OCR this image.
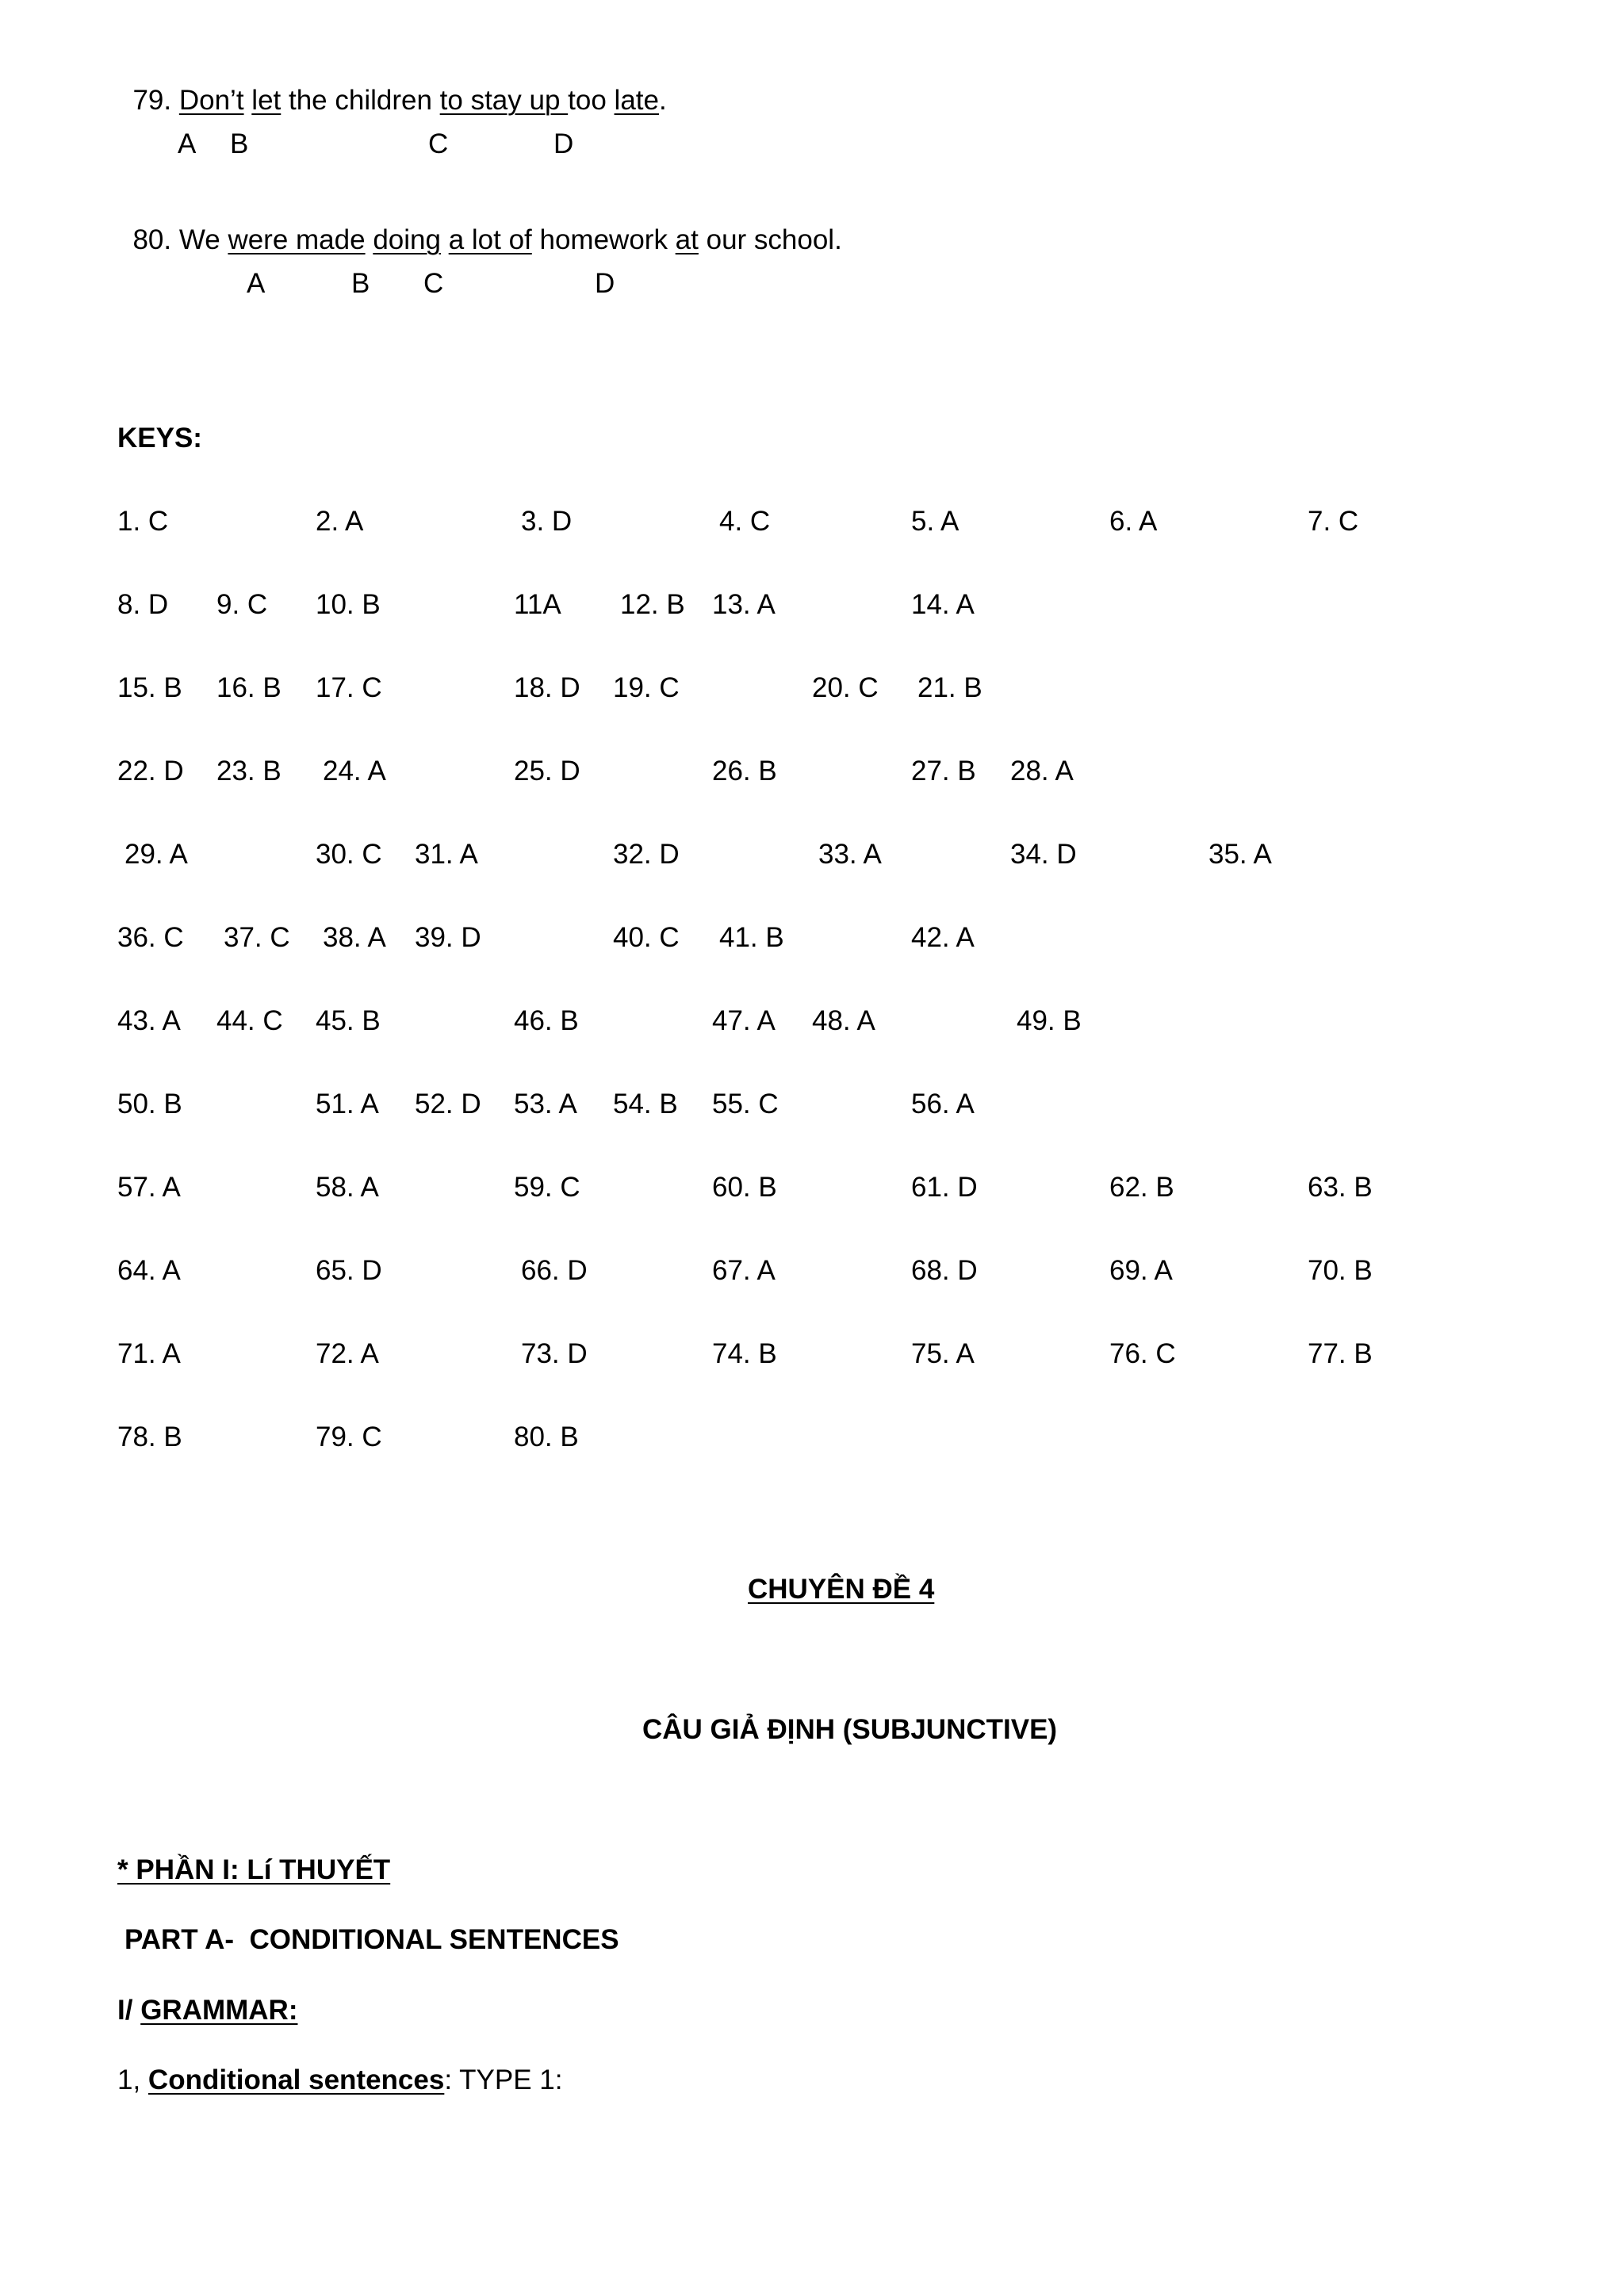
79. Don’t let the children to stay up too late.

A B	C	D

80. We were made doing a lot of homework at our school.

A	B C	D
KEYS:
1. C	2. A	3. D	4. C	5. A	6. A	7. C
8. D 9. C 10. B	11A 12. B 13. A	14. A
15. B 16. B 17. C	18. D 19. C	20. C 21. B
22. D 23. B 24. A	25. D	26. B	27. B 28. A
29. A	30. C 31. A	32. D	33. A	34. D	35. A
36. C 37. C 38. A 39. D	40. C 41. B	42. A
43. A 44. C 45. B	46. B	47. A 48. A	49. B
50. B	51. A 52. D 53. A 54. B 55. C	56. A
57. A	58. A	59. C	60. B	61. D	62. B	63. B
64. A	65. D	66. D	67. A	68. D	69. A	70. B
71. A	72. A	73. D	74. B	75. A	76. C	77. B
78. B	79. C	80. B
CHUYÊN ĐỀ 4
CÂU GIẢ ĐỊNH (SUBJUNCTIVE)
* PHẦN I: Lí THUYẾT
PART A-  CONDITIONAL SENTENCES
I/ GRAMMAR:
1, Conditional sentences: TYPE 1:
